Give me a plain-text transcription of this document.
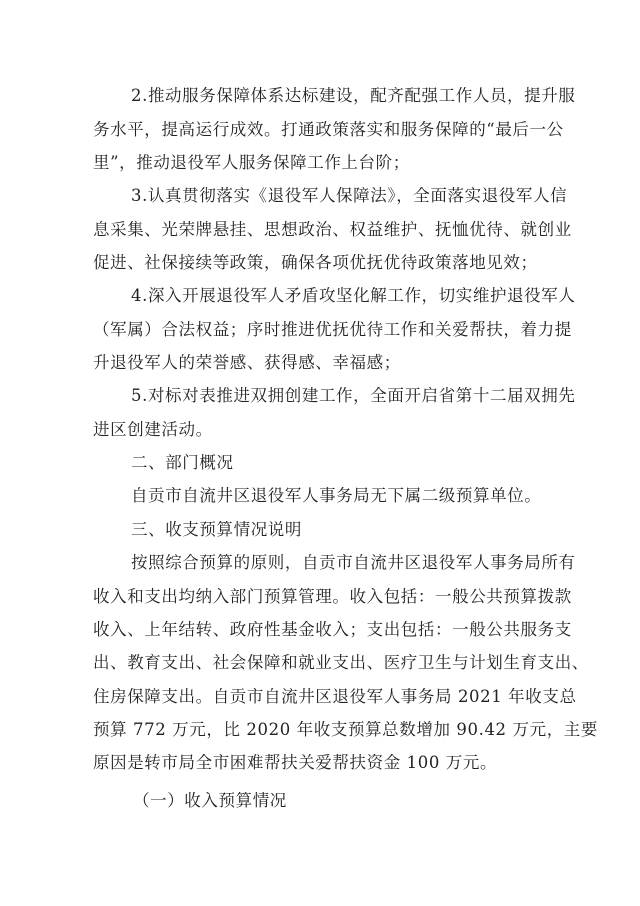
2.推动服务保障体系达标建设，配齐配强工作人员，提升服
务水平，提高运行成效。打通政策落实和服务保障的“最后一公
里”，推动退役军人服务保障工作上台阶；
3.认真贯彻落实《退役军人保障法》，全面落实退役军人信
息采集、光荣牌悬挂、思想政治、权益维护、抚恤优待、就创业
促进、社保接续等政策，确保各项优抚优待政策落地见效；
4.深入开展退役军人矛盾攻坚化解工作，切实维护退役军人
（军属）合法权益；序时推进优抚优待工作和关爱帮扶，着力提
升退役军人的荣誉感、获得感、幸福感；
5.对标对表推进双拥创建工作，全面开启省第十二届双拥先
进区创建活动。
二、部门概况
自贡市自流井区退役军人事务局无下属二级预算单位。
三、收支预算情况说明
按照综合预算的原则，自贡市自流井区退役军人事务局所有
收入和支出均纳入部门预算管理。收入包括：一般公共预算拨款
收入、上年结转、政府性基金收入；支出包括：一般公共服务支
出、教育支出、社会保障和就业支出、医疗卫生与计划生育支出、
住房保障支出。自贡市自流井区退役军人事务局 2021 年收支总
预算 772 万元，比 2020 年收支预算总数增加 90.42 万元，主要
原因是转市局全市困难帮扶关爱帮扶资金 100 万元。
（一）收入预算情况
